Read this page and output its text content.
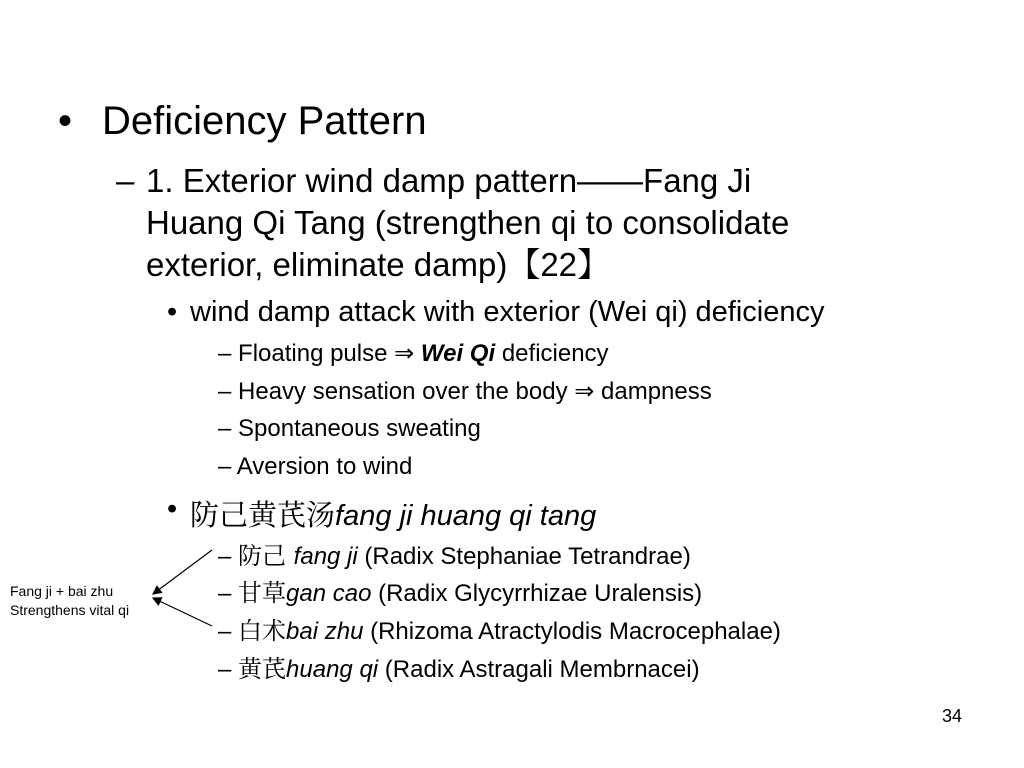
• Deficiency Pattern
– 1. Exterior wind damp pattern——Fang Ji
Huang Qi Tang (strengthen qi to consolidate
exterior, eliminate damp)【22】
• wind damp attack with exterior (Wei qi) deficiency
– Floating pulse ⇒ Wei Qi deficiency
– Heavy sensation over the body ⇒ dampness
– Spontaneous sweating
– Aversion to wind
• 防己黄芪汤fang ji huang qi tang
– 防己 fang ji (Radix Stephaniae Tetrandrae)
– 甘草gan cao (Radix Glycyrrhizae Uralensis)
– 白术bai zhu (Rhizoma Atractylodis Macrocephalae)
– 黄芪huang qi (Radix Astragali Membrnacei)
Fang ji + bai zhu
Strengthens vital qi
34
